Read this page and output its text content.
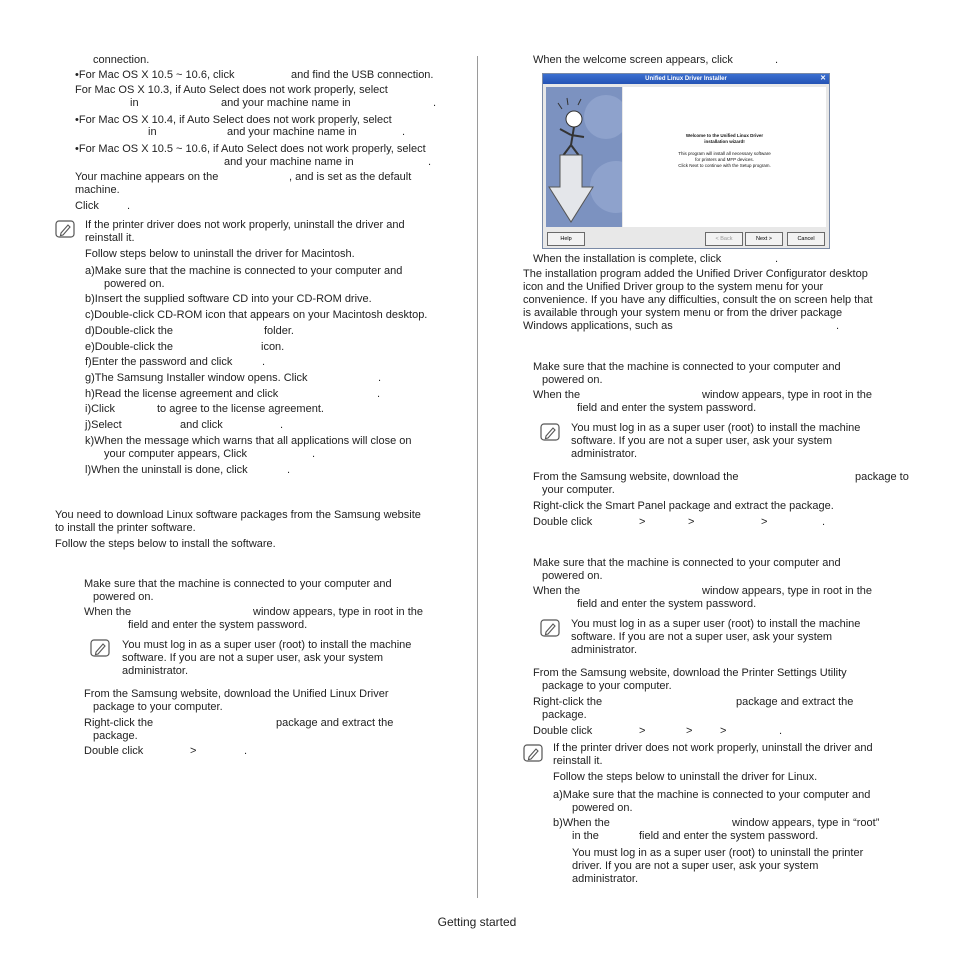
connection.
•For Mac OS X 10.5 ~ 10.6, click	and find the USB connection.
For Mac OS X 10.3, if Auto Select does not work properly, select
in	and your machine name in	.
•For Mac OS X 10.4, if Auto Select does not work properly, select
in	and your machine name in	.
•For Mac OS X 10.5 ~ 10.6, if Auto Select does not work properly, select
and your machine name in	.
Your machine appears on the	, and is set as the default
machine.
Click	.
If the printer driver does not work properly, uninstall the driver and
reinstall it.
Follow steps below to uninstall the driver for Macintosh.
a)Make sure that the machine is connected to your computer and
powered on.
b)Insert the supplied software CD into your CD-ROM drive.
c)Double-click CD-ROM icon that appears on your Macintosh desktop.
d)Double-click the	folder.
e)Double-click the	icon.
f)Enter the password and click	.
g)The Samsung Installer window opens. Click	.
h)Read the license agreement and click	.
i)Click	to agree to the license agreement.
j)Select	and click	.
k)When the message which warns that all applications will close on
your computer appears, Click	.
l)When the uninstall is done, click	.
You need to download Linux software packages from the Samsung website
to install the printer software.
Follow the steps below to install the software.
Make sure that the machine is connected to your computer and
powered on.
When the	window appears, type in root in the
field and enter the system password.
You must log in as a super user (root) to install the machine
software. If you are not a super user, ask your system
administrator.
From the Samsung website, download the Unified Linux Driver
package to your computer.
Right-click the	package and extract the
package.
Double click	>	.
When the welcome screen appears, click	.
Unified Linux Driver Installer	✕
Welcome to the Unified Linux Driver
installation wizard!
This program will install all necessary software
for printers and MFP devices.
Click Next to continue with the Setup program.
Help	< Back	Next >	Cancel
When the installation is complete, click	.
The installation program added the Unified Driver Configurator desktop
icon and the Unified Driver group to the system menu for your
convenience. If you have any difficulties, consult the on screen help that
is available through your system menu or from the driver package
Windows applications, such as	.
Make sure that the machine is connected to your computer and
powered on.
When the	window appears, type in root in the
field and enter the system password.
You must log in as a super user (root) to install the machine
software. If you are not a super user, ask your system
administrator.
From the Samsung website, download the	package to
your computer.
Right-click the Smart Panel package and extract the package.
Double click	>	>	>	.
Make sure that the machine is connected to your computer and
powered on.
When the	window appears, type in root in the
field and enter the system password.
You must log in as a super user (root) to install the machine
software. If you are not a super user, ask your system
administrator.
From the Samsung website, download the Printer Settings Utility
package to your computer.
Right-click the	package and extract the
package.
Double click	>	>	>	.
If the printer driver does not work properly, uninstall the driver and
reinstall it.
Follow the steps below to uninstall the driver for Linux.
a)Make sure that the machine is connected to your computer and
powered on.
b)When the	window appears, type in “root”
in the	field and enter the system password.
You must log in as a super user (root) to uninstall the printer
driver. If you are not a super user, ask your system
administrator.
Getting started
